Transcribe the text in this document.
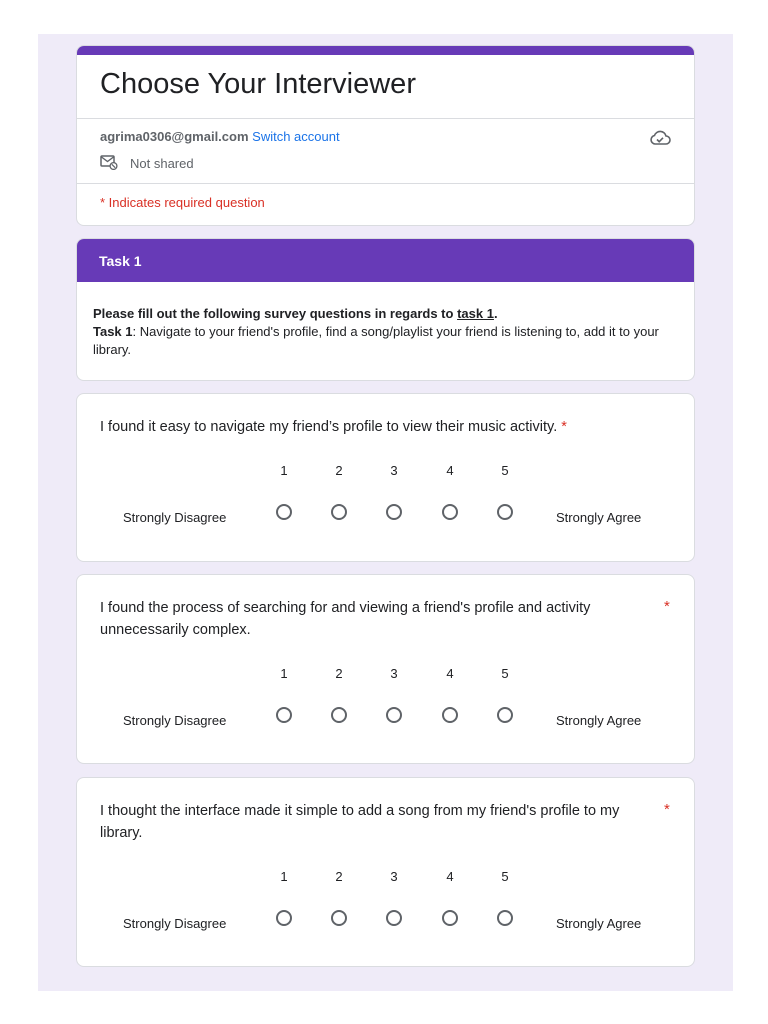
Choose Your Interviewer
agrima0306@gmail.com Switch account
Not shared
* Indicates required question
Task 1
Please fill out the following survey questions in regards to task 1.
Task 1: Navigate to your friend's profile, find a song/playlist your friend is listening to, add it to your library.
I found it easy to navigate my friend’s profile to view their music activity. *
1	2	3	4	5
Strongly Disagree	Strongly Agree
I found the process of searching for and viewing a friend's profile and activity unnecessarily complex.
*
1	2	3	4	5
Strongly Disagree	Strongly Agree
I thought the interface made it simple to add a song from my friend's profile to my library.
*
1	2	3	4	5
Strongly Disagree	Strongly Agree
